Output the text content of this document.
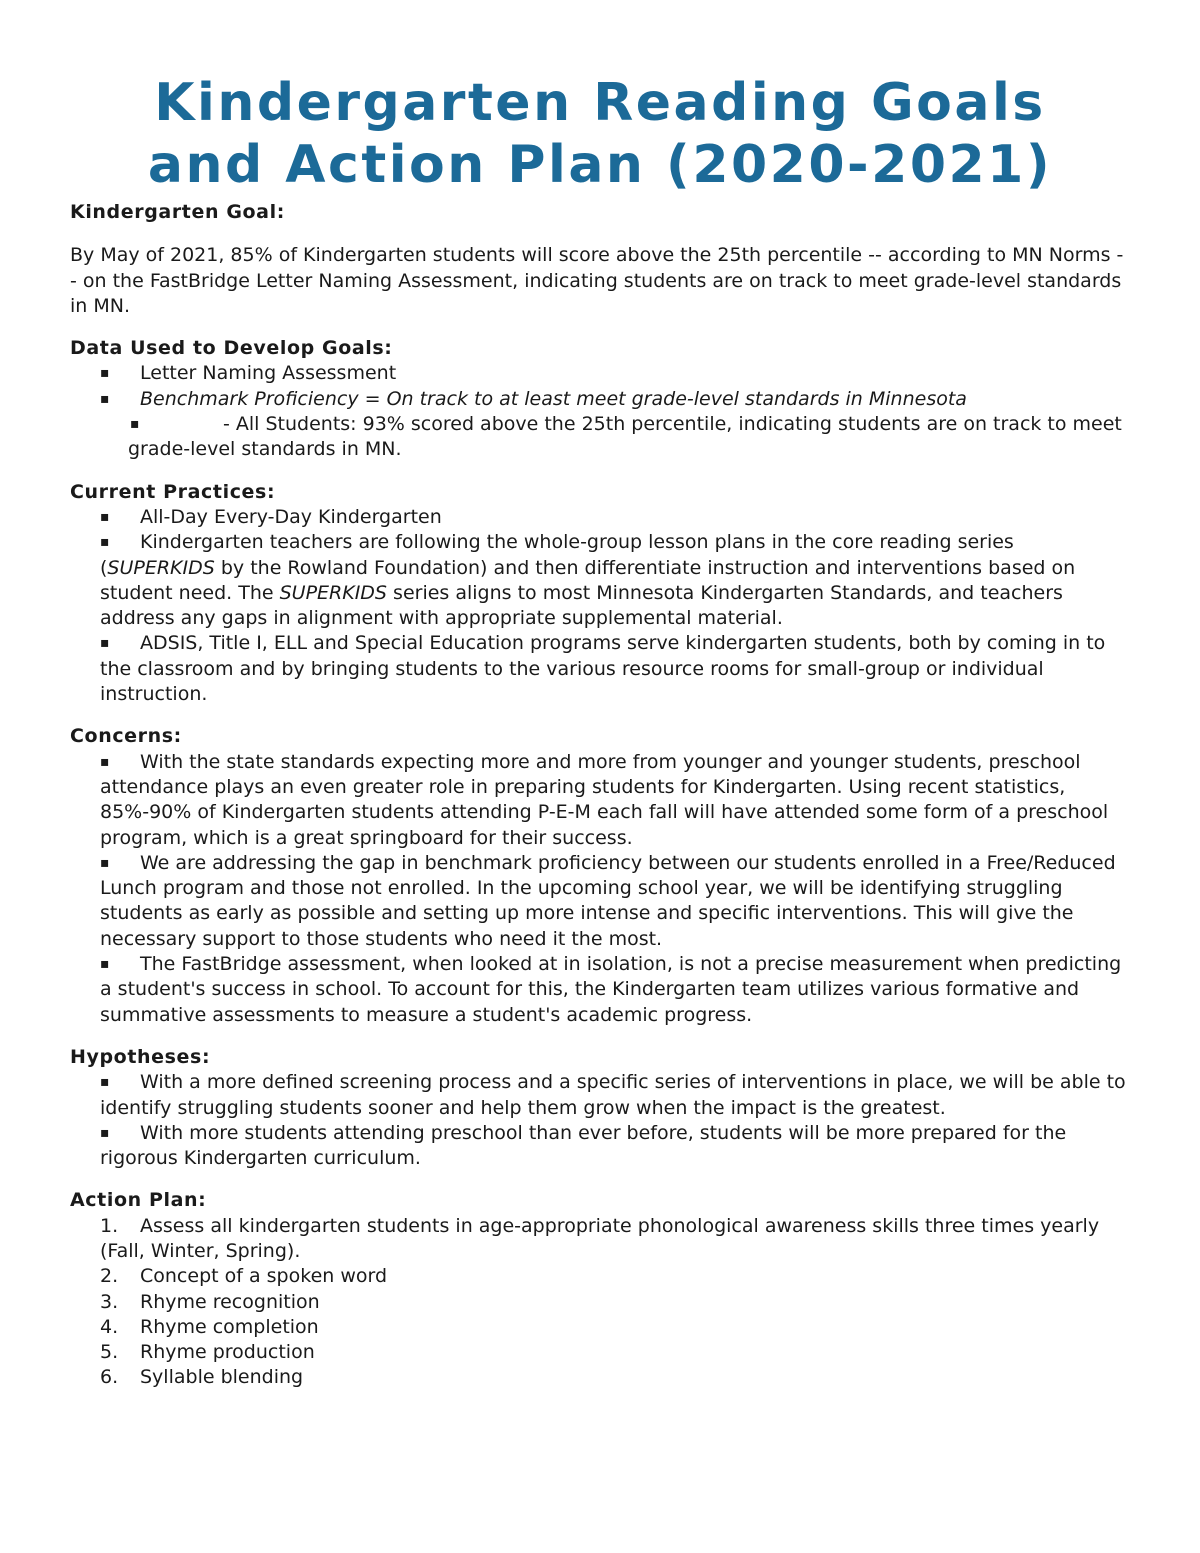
Kindergarten Reading Goals
and Action Plan (2020-2021)

Kindergarten Goal:

By May of 2021, 85% of Kindergarten students will score above the 25th percentile -- according to MN Norms -- on the FastBridge Letter Naming Assessment, indicating students are on track to meet grade-level standards in MN.

Data Used to Develop Goals:

▪ Letter Naming Assessment

▪ Benchmark Proficiency = On track to at least meet grade-level standards in Minnesota

▪	- All Students: 93% scored above the 25th percentile, indicating students are on track to meet grade-level standards in MN.

Current Practices:

▪ All-Day Every-Day Kindergarten

▪ Kindergarten teachers are following the whole-group lesson plans in the core reading series (SUPERKIDS by the Rowland Foundation) and then differentiate instruction and interventions based on student need. The SUPERKIDS series aligns to most Minnesota Kindergarten Standards, and teachers address any gaps in alignment with appropriate supplemental material.

▪ ADSIS, Title I, ELL and Special Education programs serve kindergarten students, both by coming in to the classroom and by bringing students to the various resource rooms for small-group or individual instruction.

Concerns:

▪ With the state standards expecting more and more from younger and younger students, preschool attendance plays an even greater role in preparing students for Kindergarten. Using recent statistics, 85%-90% of Kindergarten students attending P-E-M each fall will have attended some form of a preschool program, which is a great springboard for their success.

▪ We are addressing the gap in benchmark proficiency between our students enrolled in a Free/Reduced Lunch program and those not enrolled. In the upcoming school year, we will be identifying struggling students as early as possible and setting up more intense and specific interventions. This will give the necessary support to those students who need it the most.

▪ The FastBridge assessment, when looked at in isolation, is not a precise measurement when predicting a student's success in school. To account for this, the Kindergarten team utilizes various formative and summative assessments to measure a student's academic progress.

Hypotheses:

▪ With a more defined screening process and a specific series of interventions in place, we will be able to identify struggling students sooner and help them grow when the impact is the greatest.

▪ With more students attending preschool than ever before, students will be more prepared for the rigorous Kindergarten curriculum.

Action Plan:

1. Assess all kindergarten students in age-appropriate phonological awareness skills three times yearly (Fall, Winter, Spring).

2. Concept of a spoken word

3. Rhyme recognition

4. Rhyme completion

5. Rhyme production

6. Syllable blending
